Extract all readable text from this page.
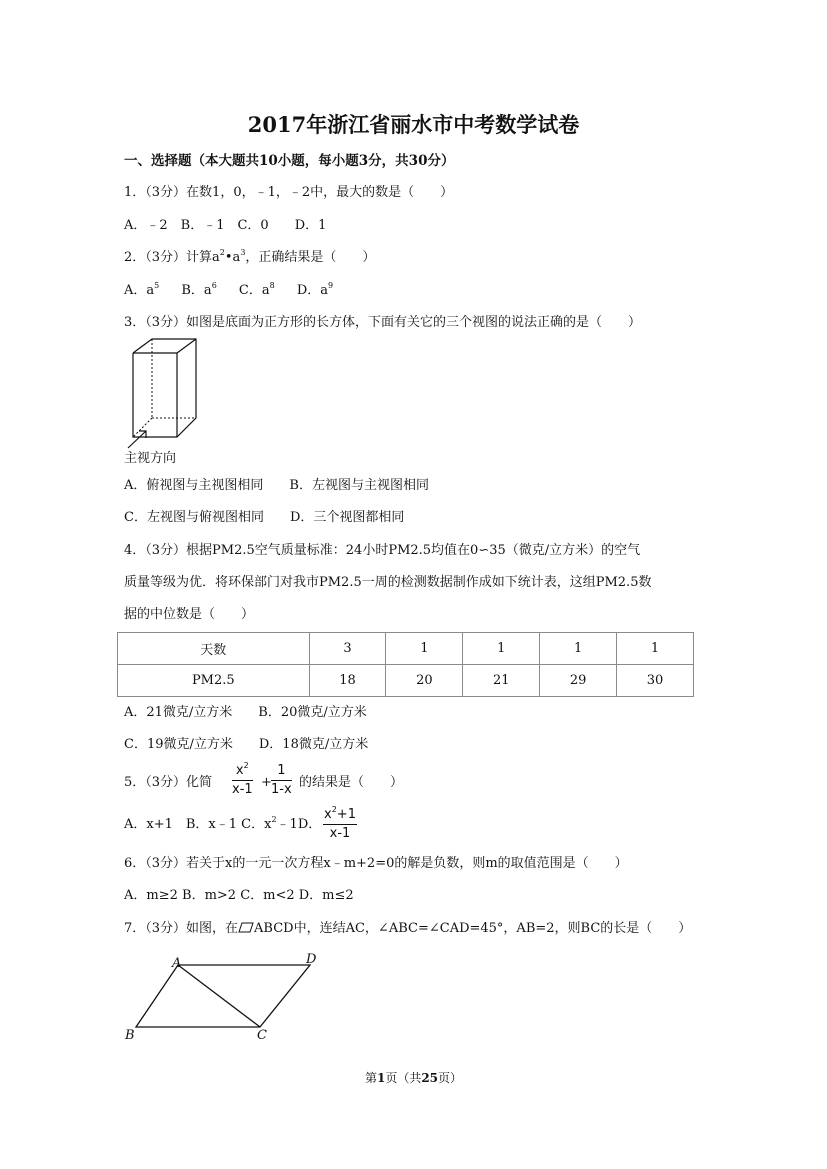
2017年浙江省丽水市中考数学试卷
一、选择题（本大题共10小题，每小题3分，共30分）
1．（3分）在数1，0，﹣1，﹣2中，最大的数是（　　）
A．﹣2　B．﹣1　C．0　　D．1
2．（3分）计算$a^2•a^3$，正确结果是（　　）
A．$a^5$ B．$a^6$ C．$a^8$ D．$a^9$
3．（3分）如图是底面为正方形的长方体，下面有关它的三个视图的说法正确的是（　　）
主视方向
A．俯视图与主视图相同　　B．左视图与主视图相同
C．左视图与俯视图相同　　D．三个视图都相同
4．（3分）根据PM2.5空气质量标准：24小时PM2.5均值在0∽35（微克/立方米）的空气
质量等级为优．将环保部门对我市PM2.5一周的检测数据制作成如下统计表，这组PM2.5数
据的中位数是（　　）
天数	3	1	1	1	1
PM2.5	18	20	21	29	30
A．21微克/立方米　　B．20微克/立方米
C．19微克/立方米　　D．18微克/立方米
5．（3分）化简 $\frac{x^2}{x-1} + \frac{1}{1-x}$ 的结果是（　　）
A．x+1　B．x﹣1 C．$x^2﹣1D$． $\frac{x^2+1}{x-1}$
6．（3分）若关于x的一元一次方程x﹣m+2=0的解是负数，则m的取值范围是（　　）
A．m≥2 B．m>2 C．m<2 D．m≤2
7．（3分）如图，在 ABCD中，连结AC，∠ABC=∠CAD=45°，AB=2，则BC的长是（　　）
A	D
B	C
第1页（共25页）
